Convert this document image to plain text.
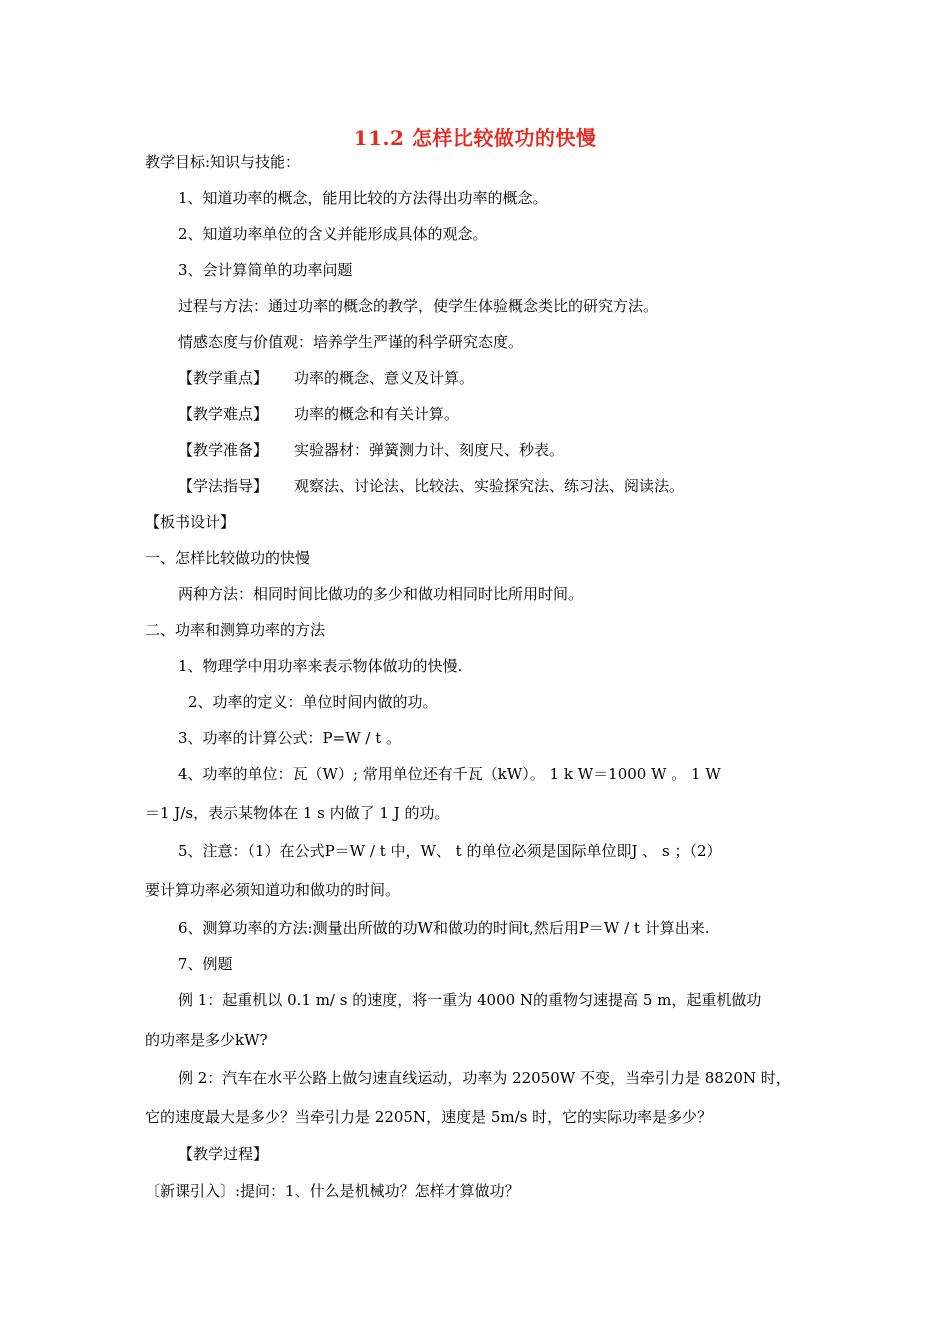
11.2 怎样比较做功的快慢
教学目标:知识与技能：
1、知道功率的概念，能用比较的方法得出功率的概念。
2、知道功率单位的含义并能形成具体的观念。
3、会计算简单的功率问题
过程与方法：通过功率的概念的教学，使学生体验概念类比的研究方法。
情感态度与价值观：培养学生严谨的科学研究态度。
【教学重点】 功率的概念、意义及计算。
【教学难点】 功率的概念和有关计算。
【教学准备】 实验器材：弹簧测力计、刻度尺、秒表。
【学法指导】 观察法、讨论法、比较法、实验探究法、练习法、阅读法。
【板书设计】
一、怎样比较做功的快慢
两种方法：相同时间比做功的多少和做功相同时比所用时间。
二、功率和测算功率的方法
1、物理学中用功率来表示物体做功的快慢.
2、功率的定义：单位时间内做的功。
3、功率的计算公式：P=W / t 。
4、功率的单位：瓦（W）; 常用单位还有千瓦（kW）。 1 k W＝1000 W 。 1 W
＝1 J/s，表示某物体在 1 s 内做了 1 J 的功。
5、注意：（1）在公式P＝W / t 中，W、 t 的单位必须是国际单位即J 、 s ；（2）
要计算功率必须知道功和做功的时间。
6、测算功率的方法:测量出所做的功W和做功的时间t,然后用P＝W / t 计算出来.
7、例题
例 1：起重机以 0.1 m/ s 的速度，将一重为 4000 N的重物匀速提高 5 m，起重机做功
的功率是多少kW?
例 2：汽车在水平公路上做匀速直线运动，功率为 22050W 不变，当牵引力是 8820N 时，
它的速度最大是多少？当牵引力是 2205N，速度是 5m/s 时，它的实际功率是多少？
【教学过程】
〔新课引入〕:提问：1、什么是机械功？怎样才算做功？
